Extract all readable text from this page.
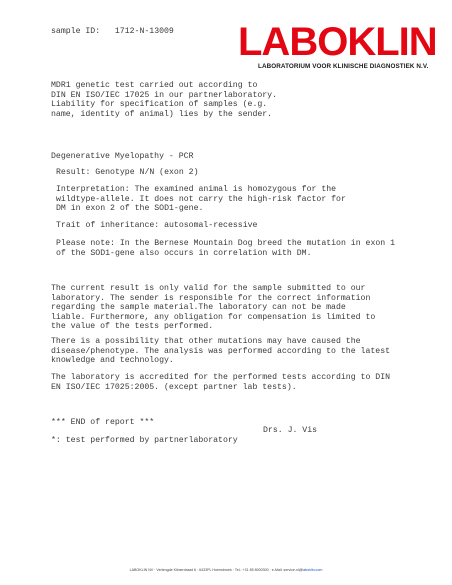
sample ID: 1712-N-13009 LABOKLIN
LABORATORIUM VOOR KLINISCHE DIAGNOSTIEK N.V.
MDR1 genetic test carried out according to
DIN EN ISO/IEC 17025 in our partnerlaboratory.
Liability for specification of samples (e.g.
name, identity of animal) lies by the sender.
Degenerative Myelopathy - PCR
Result: Genotype N/N (exon 2)
Interpretation: The examined animal is homozygous for the
wildtype-allele. It does not carry the high-risk factor for
DM in exon 2 of the SOD1-gene.
Trait of inheritance: autosomal-recessive
Please note: In the Bernese Mountain Dog breed the mutation in exon 1
of the SOD1-gene also occurs in correlation with DM.
The current result is only valid for the sample submitted to our
laboratory. The sender is responsible for the correct information
regarding the sample material.The laboratory can not be made
liable. Furthermore, any obligation for compensation is limited to
the value of the tests performed.
There is a possibility that other mutations may have caused the
disease/phenotype. The analysis was performed according to the latest
knowledge and technology.
The laboratory is accredited for the performed tests according to DIN
EN ISO/IEC 17025:2005. (except partner lab tests).
*** END of report ***
Drs. J. Vis
*: test performed by partnerlaboratory
LABOKLIN NV · Verlengde Klimerdraad 6 · 6433PL Hoensbroek · Tel.: +31 85 8000300 · e-Mail: service.nl@laboklin.com
